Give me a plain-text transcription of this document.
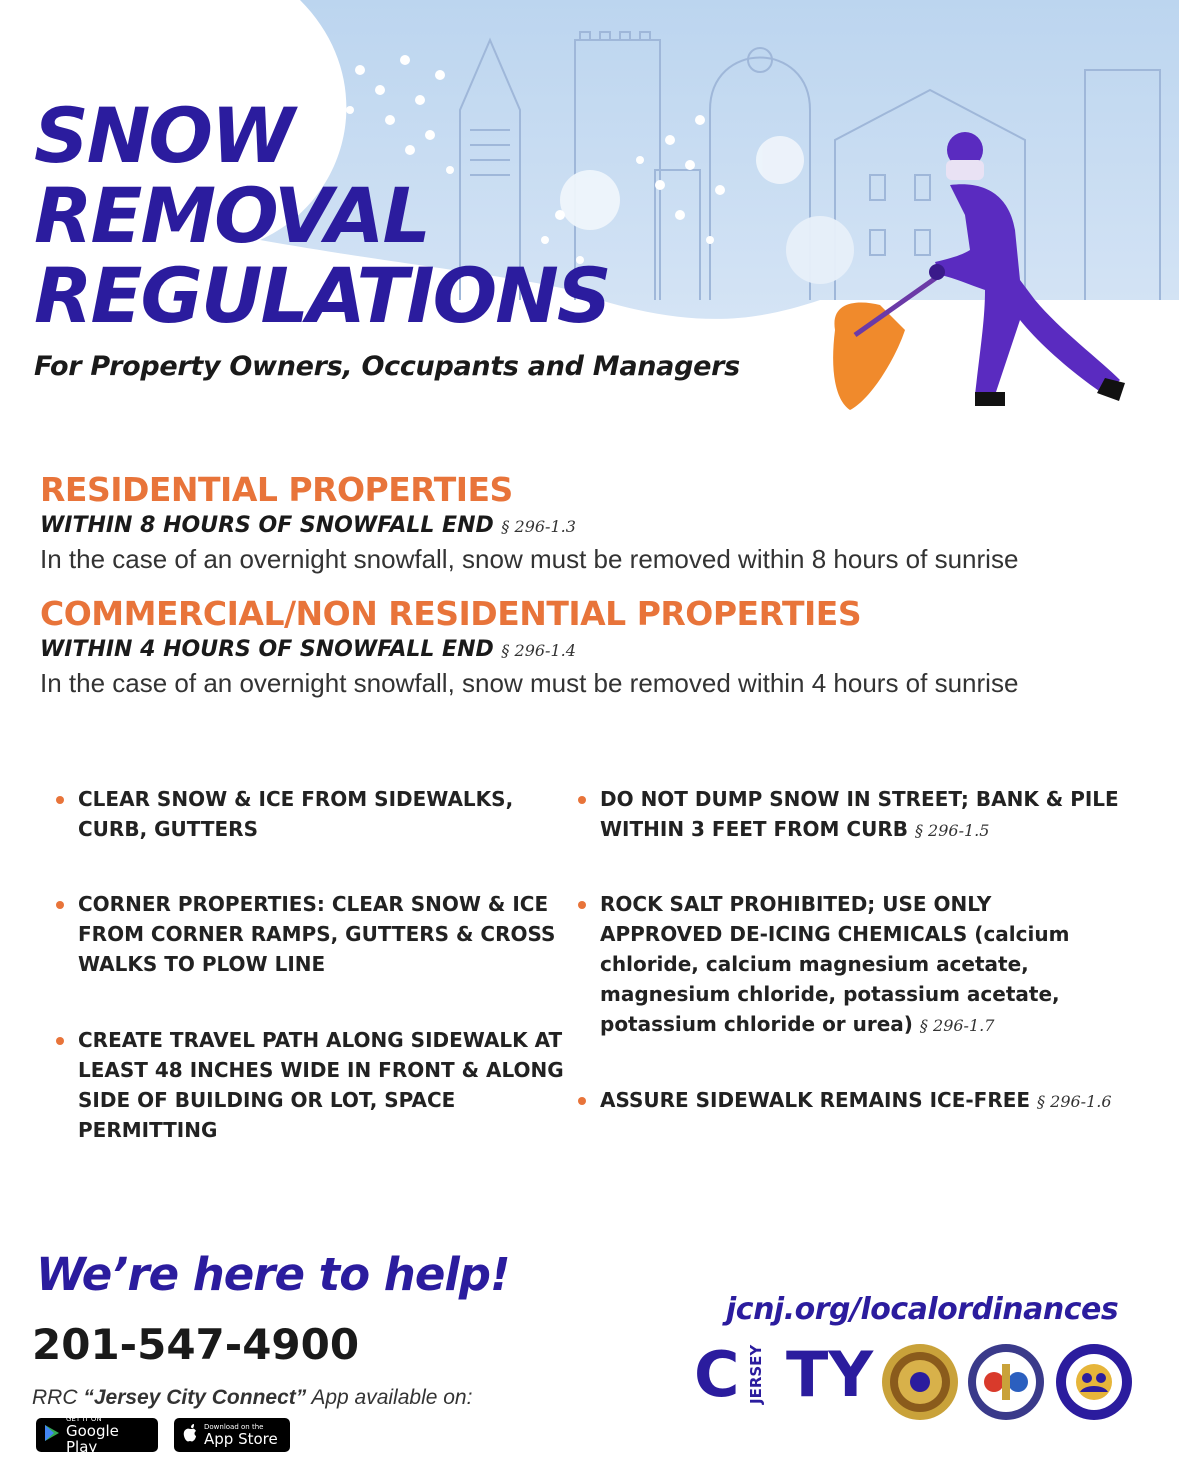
SNOW
REMOVAL
REGULATIONS

For Property Owners, Occupants and Managers

RESIDENTIAL PROPERTIES

WITHIN 8 HOURS OF SNOWFALL END § 296-1.3

In the case of an overnight snowfall, snow must be removed within 8 hours of sunrise

COMMERCIAL/NON RESIDENTIAL PROPERTIES

WITHIN 4 HOURS OF SNOWFALL END § 296-1.4

In the case of an overnight snowfall, snow must be removed within 4 hours of sunrise

CLEAR SNOW & ICE FROM SIDEWALKS,
CURB, GUTTERS
CORNER PROPERTIES: CLEAR SNOW & ICE
FROM CORNER RAMPS, GUTTERS & CROSS
WALKS TO PLOW LINE
CREATE TRAVEL PATH ALONG SIDEWALK AT
LEAST 48 INCHES WIDE IN FRONT & ALONG
SIDE OF BUILDING OR LOT, SPACE
PERMITTING
DO NOT DUMP SNOW IN STREET; BANK & PILE
WITHIN 3 FEET FROM CURB § 296-1.5
ROCK SALT PROHIBITED; USE ONLY
APPROVED DE-ICING CHEMICALS (calcium
chloride, calcium magnesium acetate,
magnesium chloride, potassium acetate,
potassium chloride or urea) § 296-1.7
ASSURE SIDEWALK REMAINS ICE-FREE § 296-1.6

We’re here to help!

201-547-4900

RRC “Jersey City Connect” App available on:

GET IT ON
Google Play
Download on the
App Store

jcnj.org/localordinances

C TY
JERSEY
